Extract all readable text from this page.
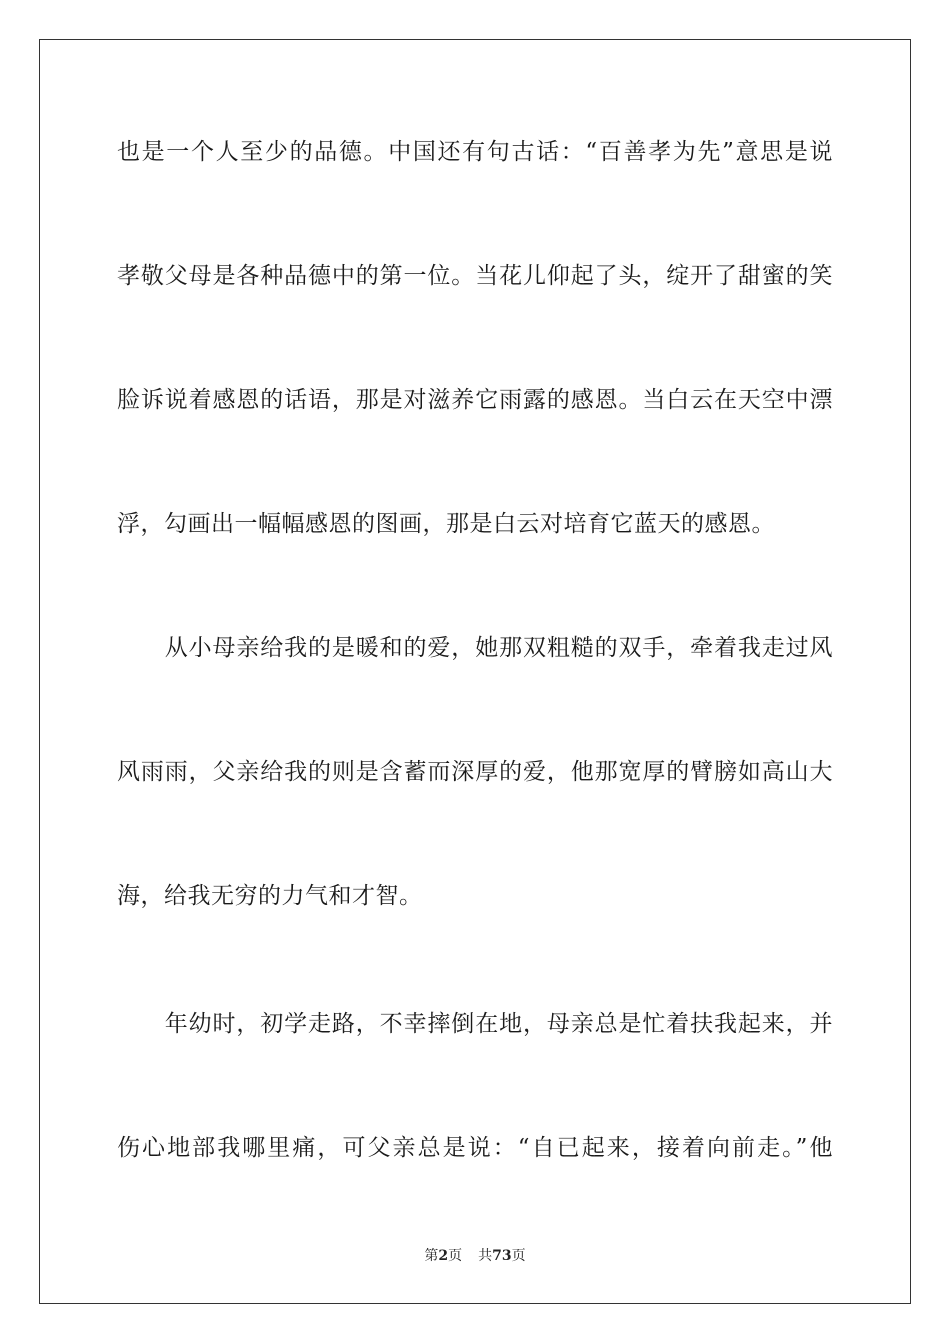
也是一个人至少的品德。中国还有句古话：“百善孝为先”意思是说
孝敬父母是各种品德中的第一位。当花儿仰起了头，绽开了甜蜜的笑
脸诉说着感恩的话语，那是对滋养它雨露的感恩。当白云在天空中漂
浮，勾画出一幅幅感恩的图画，那是白云对培育它蓝天的感恩。
　　从小母亲给我的是暖和的爱，她那双粗糙的双手，牵着我走过风
风雨雨，父亲给我的则是含蓄而深厚的爱，他那宽厚的臂膀如高山大
海，给我无穷的力气和才智。
　　年幼时，初学走路，不幸摔倒在地，母亲总是忙着扶我起来，并
伤心地部我哪里痛，可父亲总是说：“自已起来，接着向前走。”他
第2页 共73页
